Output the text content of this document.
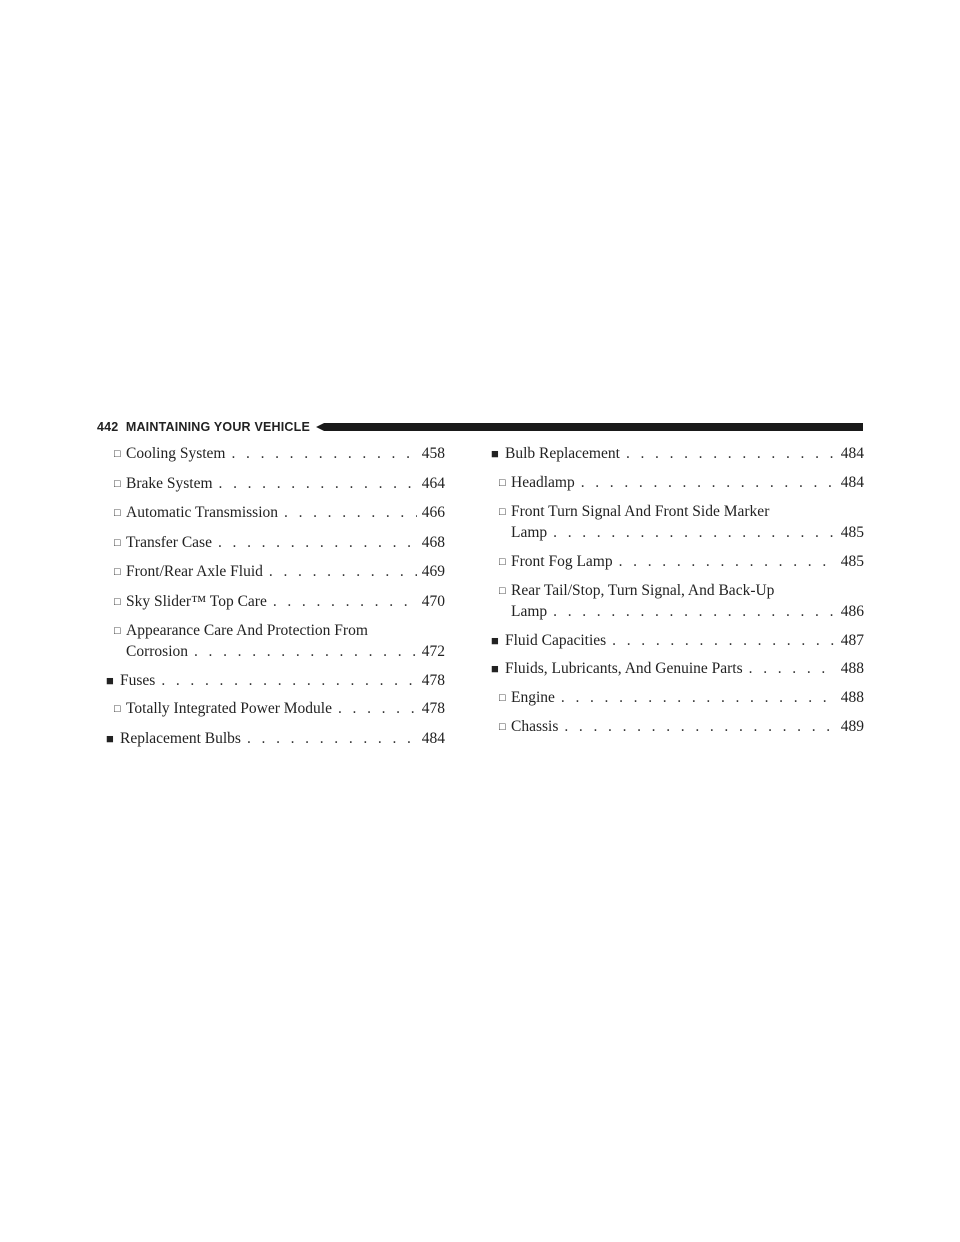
442 MAINTAINING YOUR VEHICLE
□ Cooling System . . .	458
□ Brake System . . .	464
□ Automatic Transmission . . .	466
□ Transfer Case . . .	468
□ Front/Rear Axle Fluid . . .	469
□ Sky Slider™ Top Care . . .	470
□ Appearance Care And Protection From
Corrosion . . .	472
■ Fuses . . .	478
□ Totally Integrated Power Module . . .	478
■ Replacement Bulbs . . .	484
■ Bulb Replacement . . .	484
□ Headlamp . . .	484
□ Front Turn Signal And Front Side Marker
Lamp . . .	485
□ Front Fog Lamp . . .	485
□ Rear Tail/Stop, Turn Signal, And Back-Up
Lamp . . .	486
■ Fluid Capacities . . .	487
■ Fluids, Lubricants, And Genuine Parts . . .	488
□ Engine . . .	488
□ Chassis . . .	489
